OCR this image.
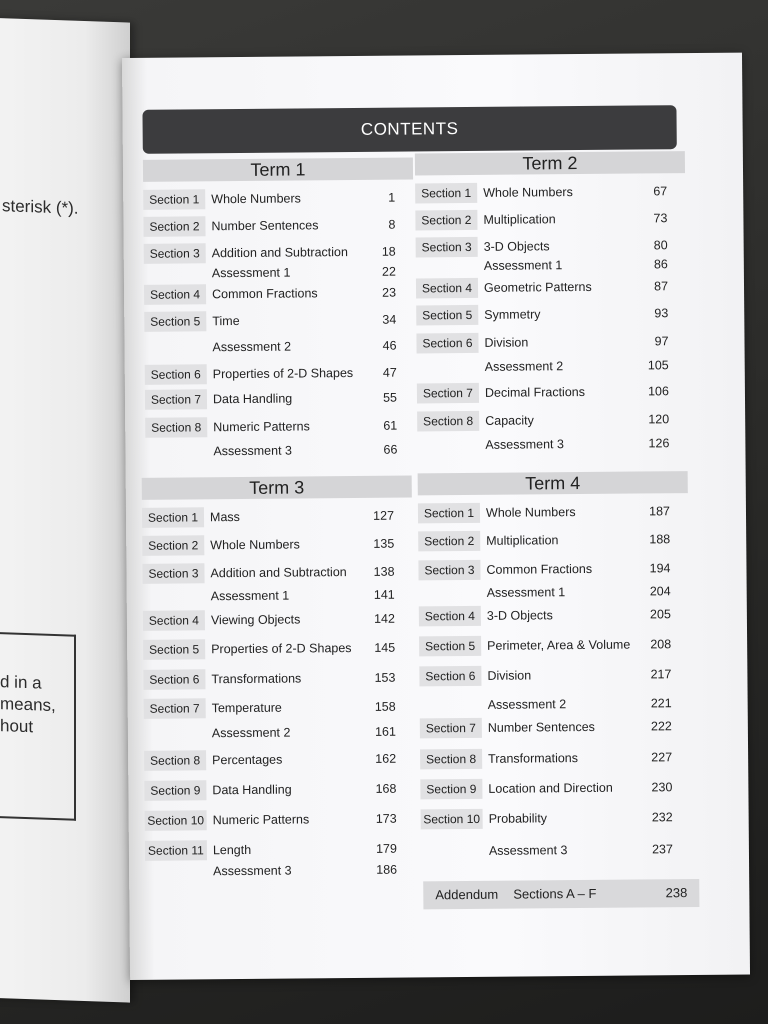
sterisk (*).
d in a
means,
hout
CONTENTS
Term 1
Section 1 Whole Numbers	1
Section 2 Number Sentences	8
Section 3 Addition and Subtraction	18
Assessment 1	22
Section 4 Common Fractions	23
Section 5 Time	34
Assessment 2	46
Section 6 Properties of 2-D Shapes 47
Section 7 Data Handling	55
Section 8 Numeric Patterns	61
Assessment 3	66
Term 2
Section 1 Whole Numbers	67
Section 2 Multiplication	73
Section 3 3-D Objects	80
Assessment 1	86
Section 4 Geometric Patterns	87
Section 5 Symmetry	93
Section 6 Division	97
Assessment 2	105
Section 7 Decimal Fractions	106
Section 8 Capacity	120
Assessment 3	126
Term 3
Section 1 Mass	127
Section 2 Whole Numbers	135
Section 3 Addition and Subtraction 138
Assessment 1	141
Section 4 Viewing Objects	142
Section 5 Properties of 2-D Shapes 145
Section 6 Transformations	153
Section 7 Temperature	158
Assessment 2	161
Section 8 Percentages	162
Section 9 Data Handling	168
Section 10 Numeric Patterns	173
Section 11 Length	179
Assessment 3	186
Term 4
Section 1 Whole Numbers	187
Section 2 Multiplication	188
Section 3 Common Fractions	194
Assessment 1	204
Section 4 3-D Objects	205
Section 5 Perimeter, Area & Volume 208
Section 6 Division	217
Assessment 2	221
Section 7 Number Sentences	222
Section 8 Transformations	227
Section 9 Location and Direction	230
Section 10 Probability	232
Assessment 3	237
Addendum Sections A – F	238
